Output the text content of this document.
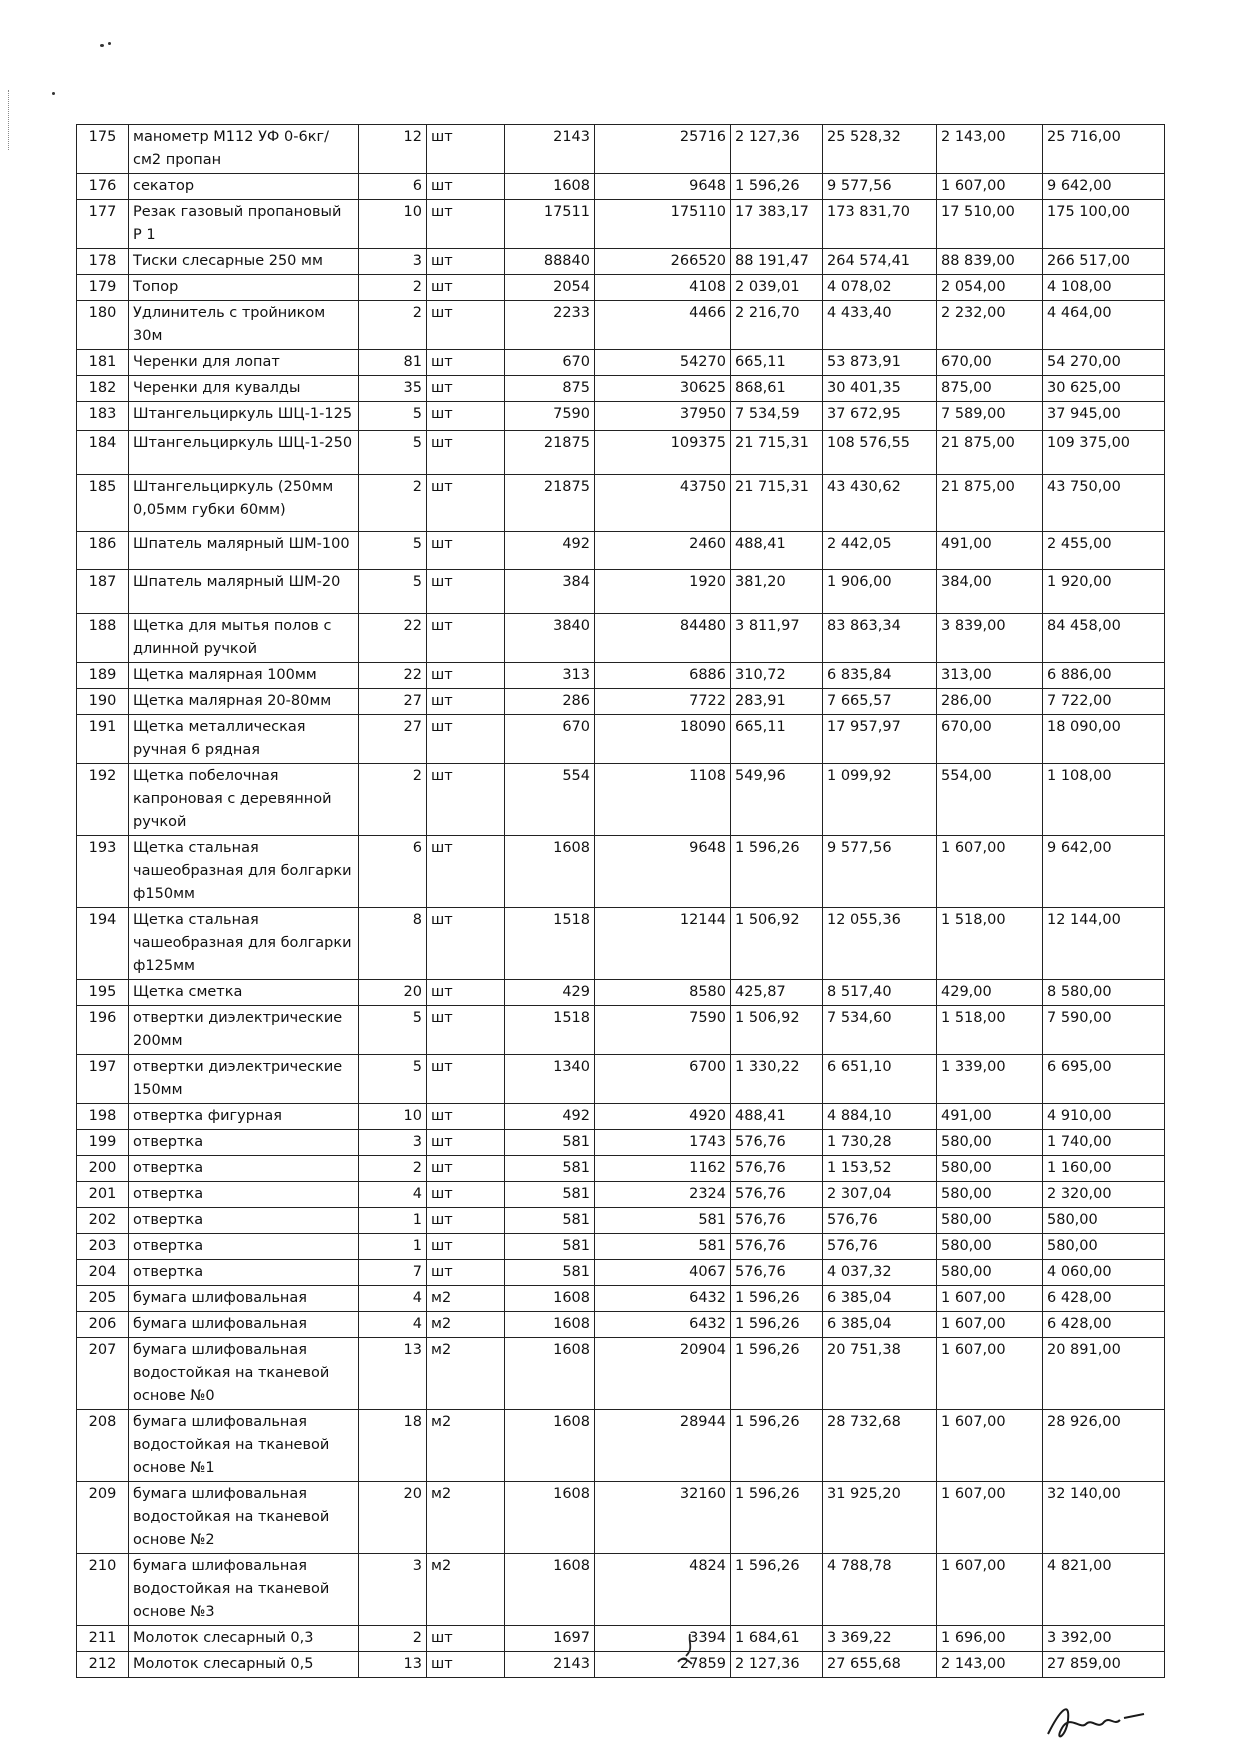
175	манометр М112 УФ 0-6кг/см2 пропан	12	шт	2143	25716	2 127,36	25 528,32	2 143,00	25 716,00
176	секатор	6	шт	1608	9648	1 596,26	9 577,56	1 607,00	9 642,00
177	Резак газовый пропановый Р 1	10	шт	17511	175110	17 383,17	173 831,70	17 510,00	175 100,00
178	Тиски слесарные 250 мм	3	шт	88840	266520	88 191,47	264 574,41	88 839,00	266 517,00
179	Топор	2	шт	2054	4108	2 039,01	4 078,02	2 054,00	4 108,00
180	Удлинитель с тройником 30м	2	шт	2233	4466	2 216,70	4 433,40	2 232,00	4 464,00
181	Черенки для лопат	81	шт	670	54270	665,11	53 873,91	670,00	54 270,00
182	Черенки для кувалды	35	шт	875	30625	868,61	30 401,35	875,00	30 625,00
183	Штангельциркуль ШЦ-1-125	5	шт	7590	37950	7 534,59	37 672,95	7 589,00	37 945,00
184	Штангельциркуль ШЦ-1-250	5	шт	21875	109375	21 715,31	108 576,55	21 875,00	109 375,00
185	Штангельциркуль (250мм 0,05мм губки 60мм)	2	шт	21875	43750	21 715,31	43 430,62	21 875,00	43 750,00
186	Шпатель малярный ШМ-100	5	шт	492	2460	488,41	2 442,05	491,00	2 455,00
187	Шпатель малярный ШМ-20	5	шт	384	1920	381,20	1 906,00	384,00	1 920,00
188	Щетка для мытья полов с длинной ручкой	22	шт	3840	84480	3 811,97	83 863,34	3 839,00	84 458,00
189	Щетка малярная 100мм	22	шт	313	6886	310,72	6 835,84	313,00	6 886,00
190	Щетка малярная 20-80мм	27	шт	286	7722	283,91	7 665,57	286,00	7 722,00
191	Щетка металлическая ручная 6 рядная	27	шт	670	18090	665,11	17 957,97	670,00	18 090,00
192	Щетка побелочная капроновая с деревянной ручкой	2	шт	554	1108	549,96	1 099,92	554,00	1 108,00
193	Щетка стальная чашеобразная для болгарки ф150мм	6	шт	1608	9648	1 596,26	9 577,56	1 607,00	9 642,00
194	Щетка стальная чашеобразная для болгарки ф125мм	8	шт	1518	12144	1 506,92	12 055,36	1 518,00	12 144,00
195	Щетка сметка	20	шт	429	8580	425,87	8 517,40	429,00	8 580,00
196	отвертки диэлектрические 200мм	5	шт	1518	7590	1 506,92	7 534,60	1 518,00	7 590,00
197	отвертки диэлектрические 150мм	5	шт	1340	6700	1 330,22	6 651,10	1 339,00	6 695,00
198	отвертка фигурная	10	шт	492	4920	488,41	4 884,10	491,00	4 910,00
199	отвертка	3	шт	581	1743	576,76	1 730,28	580,00	1 740,00
200	отвертка	2	шт	581	1162	576,76	1 153,52	580,00	1 160,00
201	отвертка	4	шт	581	2324	576,76	2 307,04	580,00	2 320,00
202	отвертка	1	шт	581	581	576,76	576,76	580,00	580,00
203	отвертка	1	шт	581	581	576,76	576,76	580,00	580,00
204	отвертка	7	шт	581	4067	576,76	4 037,32	580,00	4 060,00
205	бумага шлифовальная	4	м2	1608	6432	1 596,26	6 385,04	1 607,00	6 428,00
206	бумага шлифовальная	4	м2	1608	6432	1 596,26	6 385,04	1 607,00	6 428,00
207	бумага шлифовальная водостойкая на тканевой основе №0	13	м2	1608	20904	1 596,26	20 751,38	1 607,00	20 891,00
208	бумага шлифовальная водостойкая на тканевой основе №1	18	м2	1608	28944	1 596,26	28 732,68	1 607,00	28 926,00
209	бумага шлифовальная водостойкая на тканевой основе №2	20	м2	1608	32160	1 596,26	31 925,20	1 607,00	32 140,00
210	бумага шлифовальная водостойкая на тканевой основе №3	3	м2	1608	4824	1 596,26	4 788,78	1 607,00	4 821,00
211	Молоток слесарный 0,3	2	шт	1697	3394	1 684,61	3 369,22	1 696,00	3 392,00
212	Молоток слесарный 0,5	13	шт	2143	27859	2 127,36	27 655,68	2 143,00	27 859,00
